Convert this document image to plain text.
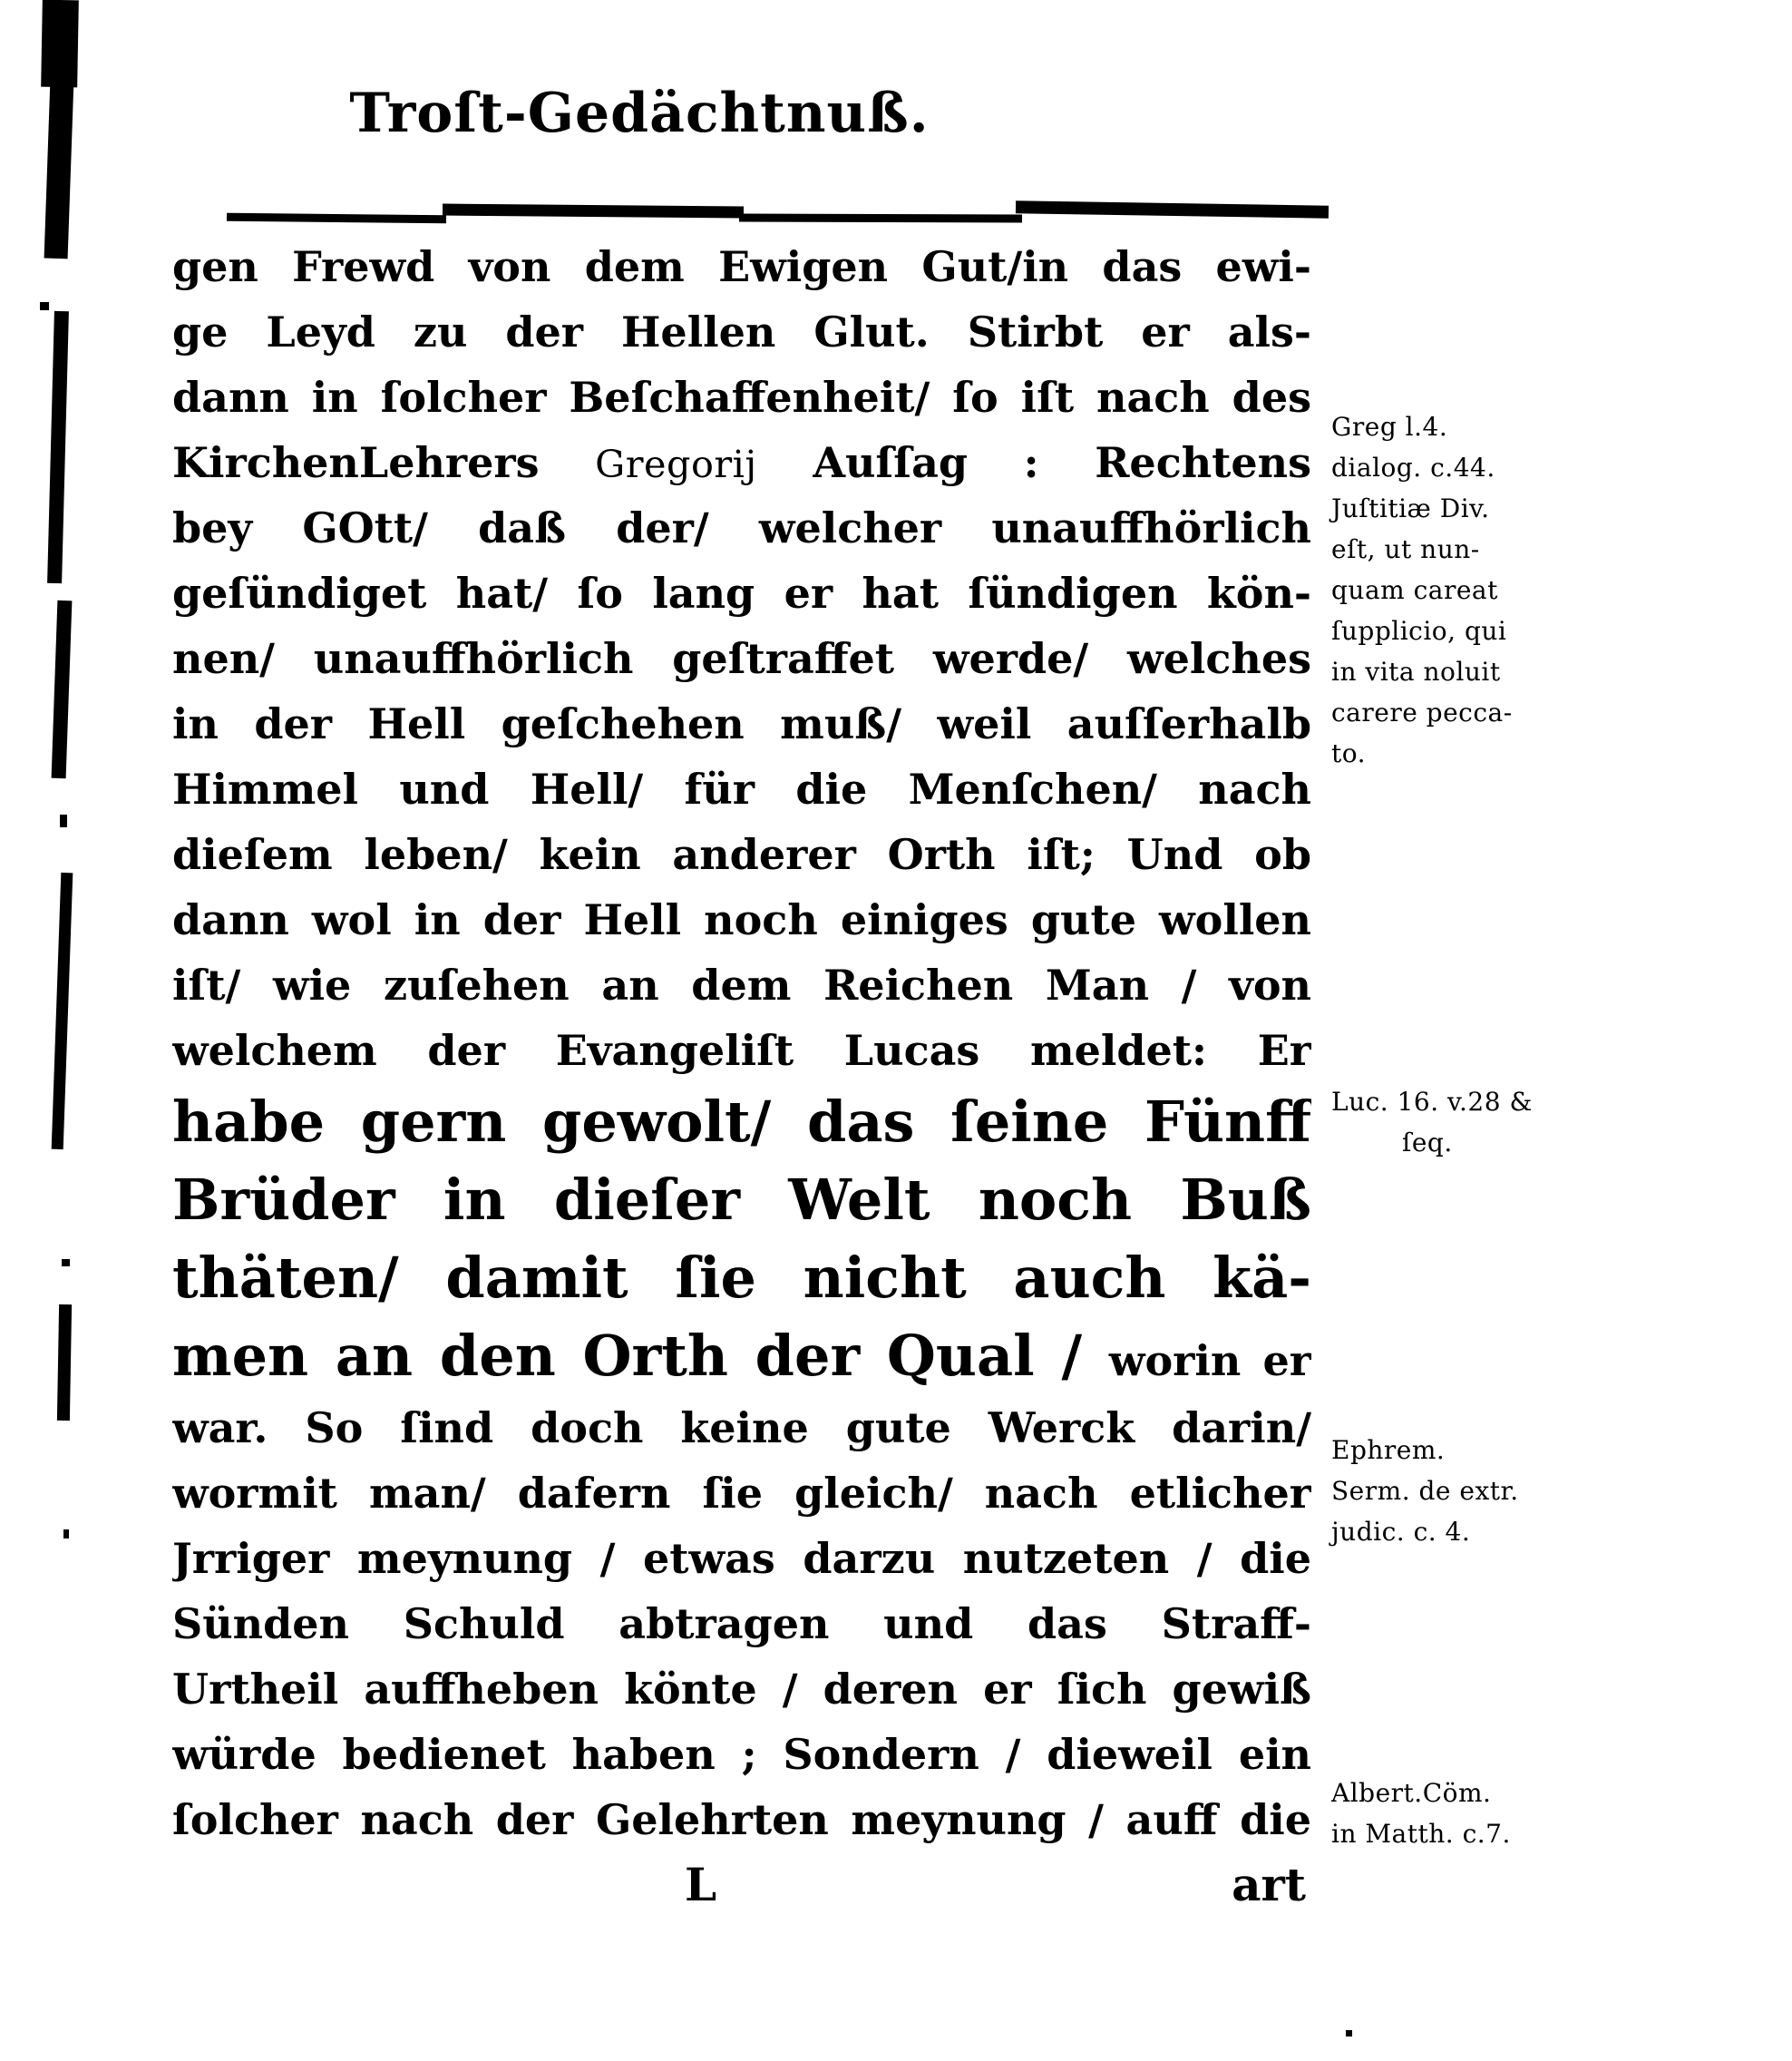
Troſt-Gedächtnuß.
gen Frewd von dem Ewigen Gut/in das ewi-
ge Leyd zu der Hellen Glut. Stirbt er als-
dann in ſolcher Beſchaffenheit/ ſo iſt nach des
KirchenLehrers Gregorij Auſſag : Rechtens
bey GOtt/ daß der/ welcher unauffhörlich
geſündiget hat/ ſo lang er hat ſündigen kön-
nen/ unauffhörlich geſtraffet werde/ welches
in der Hell geſchehen muß/ weil auſſerhalb
Himmel und Hell/ für die Menſchen/ nach
dieſem leben/ kein anderer Orth iſt; Und ob
dann wol in der Hell noch einiges gute wollen
iſt/ wie zuſehen an dem Reichen Man / von
welchem der Evangeliſt Lucas meldet: Er
habe gern gewolt/ das ſeine Fünff
Brüder in dieſer Welt noch Buß
thäten/ damit ſie nicht auch kä-
men an den Orth der Qual / worin er
war. So ſind doch keine gute Werck darin/
wormit man/ dafern ſie gleich/ nach etlicher
Jrriger meynung / etwas darzu nutzeten / die
Sünden Schuld abtragen und das Straff-
Urtheil auffheben könte / deren er ſich gewiß
würde bedienet haben ; Sondern / dieweil ein
ſolcher nach der Gelehrten meynung / auff die
L	art
Greg l.4.
dialog. c.44.
Juſtitiæ Div.
eſt, ut nun-
quam careat
ſupplicio, qui
in vita noluit
carere pecca-
to.
Luc. 16. v.28 &
ſeq.
Ephrem.
Serm. de extr.
judic. c. 4.
Albert.Cöm.
in Matth. c.7.
